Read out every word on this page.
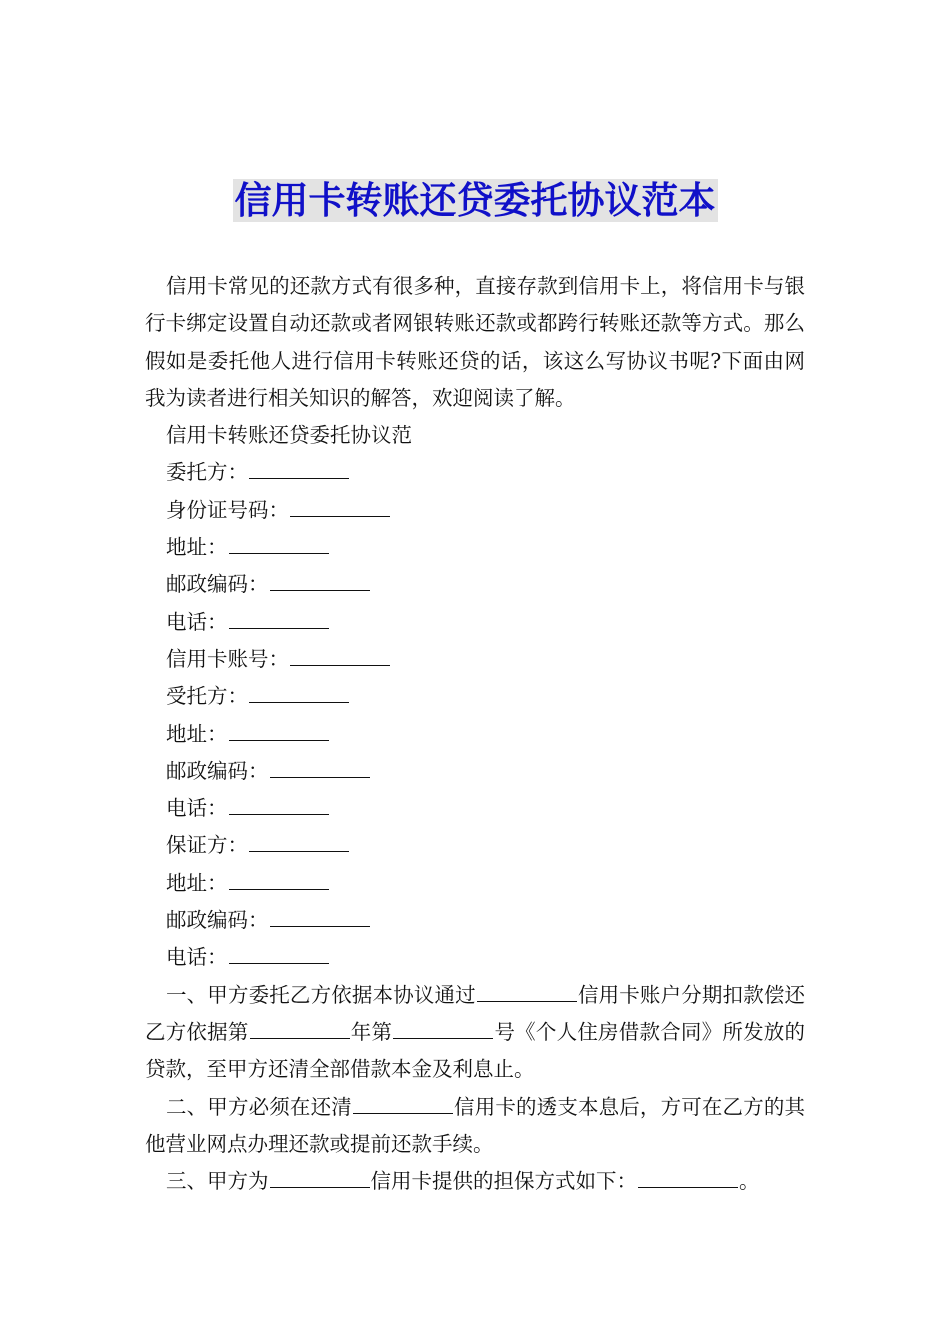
信用卡转账还贷委托协议范本

信用卡常见的还款方式有很多种，直接存款到信用卡上，将信用卡与银行卡绑定设置自动还款或者网银转账还款或都跨行转账还款等方式。那么假如是委托他人进行信用卡转账还贷的话，该这么写协议书呢?下面由网我为读者进行相关知识的解答，欢迎阅读了解。

信用卡转账还贷委托协议范

委托方：

身份证号码：

地址：

邮政编码：

电话：

信用卡账号：

受托方：

地址：

邮政编码：

电话：

保证方：

地址：

邮政编码：

电话：

一、甲方委托乙方依据本协议通过	信用卡账户分期扣款偿还乙方依据第	年第	号《个人住房借款合同》所发放的贷款，至甲方还清全部借款本金及利息止。

二、甲方必须在还清	信用卡的透支本息后，方可在乙方的其他营业网点办理还款或提前还款手续。

三、甲方为	信用卡提供的担保方式如下：	。
